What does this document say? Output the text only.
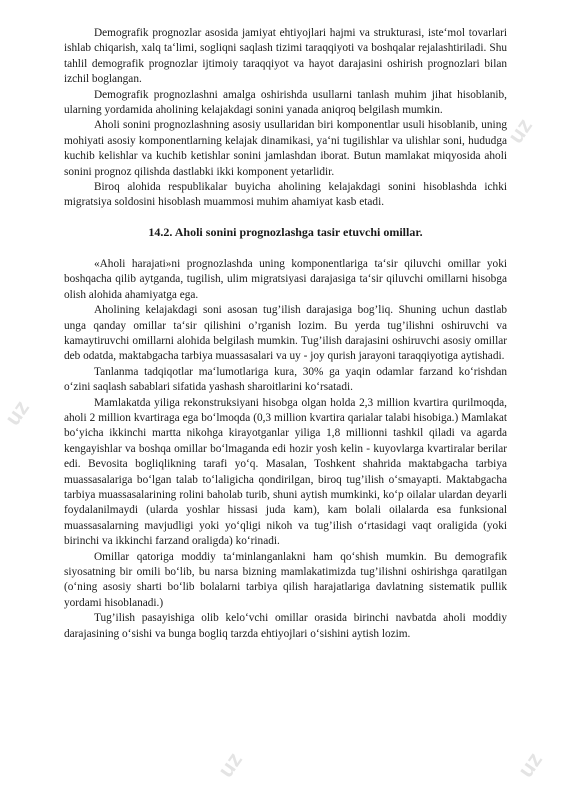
uz
uz
uz	uz

Demografik prognozlar asosida jamiyat ehtiyojlari hajmi va strukturasi, iste‘mol tovarlari ishlab chiqarish, xalq ta‘limi, sogliqni saqlash tizimi taraqqiyoti va boshqalar rejalashtiriladi. Shu tahlil demografik prognozlar ijtimoiy taraqqiyot va hayot darajasini oshirish prognozlari bilan izchil boglangan.

Demografik prognozlashni amalga oshirishda usullarni tanlash muhim jihat hisoblanib, ularning yordamida aholining kelajakdagi sonini yanada aniqroq belgilash mumkin.

Aholi sonini prognozlashning asosiy usullaridan biri komponentlar usuli hisoblanib, uning mohiyati asosiy komponentlarning kelajak dinamikasi, ya‘ni tugilishlar va ulishlar soni, hududga kuchib kelishlar va kuchib ketishlar sonini jamlashdan iborat. Butun mamlakat miqyosida aholi sonini prognoz qilishda dastlabki ikki komponent yetarlidir.

Biroq alohida respublikalar buyicha aholining kelajakdagi sonini hisoblashda ichki migratsiya soldosini hisoblash muammosi muhim ahamiyat kasb etadi.

14.2. Aholi sonini prognozlashga tasir etuvchi omillar.

«Aholi harajati»ni prognozlashda uning komponentlariga ta‘sir qiluvchi omillar yoki boshqacha qilib aytganda, tugilish, ulim migratsiyasi darajasiga ta‘sir qiluvchi omillarni hisobga olish alohida ahamiyatga ega.

Aholining kelajakdagi soni asosan tug’ilish darajasiga bog’liq. Shuning uchun dastlab unga qanday omillar ta‘sir qilishini o’rganish lozim. Bu yerda tug’ilishni oshiruvchi va kamaytiruvchi omillarni alohida belgilash mumkin. Tug’ilish darajasini oshiruvchi asosiy omillar deb odatda, maktabgacha tarbiya muassasalari va uy - joy qurish jarayoni taraqqiyotiga aytishadi.

Tanlanma tadqiqotlar ma‘lumotlariga kura, 30% ga yaqin odamlar farzand ko‘rishdan o‘zini saqlash sabablari sifatida yashash sharoitlarini ko‘rsatadi.

Mamlakatda yiliga rekonstruksiyani hisobga olgan holda 2,3 million kvartira qurilmoqda, aholi 2 million kvartiraga ega bo‘lmoqda (0,3 million kvartira qarialar talabi hisobiga.) Mamlakat bo‘yicha ikkinchi martta nikohga kirayotganlar yiliga 1,8 millionni tashkil qiladi va agarda kengayishlar va boshqa omillar bo‘lmaganda edi hozir yosh kelin - kuyovlarga kvartiralar berilar edi. Bevosita bogliqlikning tarafi yo‘q. Masalan, Toshkent shahrida maktabgacha tarbiya muassasalariga bo‘lgan talab to‘laligicha qondirilgan, biroq tug’ilish o‘smayapti. Maktabgacha tarbiya muassasalarining rolini baholab turib, shuni aytish mumkinki, ko‘p oilalar ulardan deyarli foydalanilmaydi (ularda yoshlar hissasi juda kam), kam bolali oilalarda esa funksional muassasalarning mavjudligi yoki yo‘qligi nikoh va tug’ilish o‘rtasidagi vaqt oraligida (yoki birinchi va ikkinchi farzand oraligda) ko‘rinadi.

Omillar qatoriga moddiy ta‘minlanganlakni ham qo‘shish mumkin. Bu demografik siyosatning bir omili bo‘lib, bu narsa bizning mamlakatimizda tug’ilishni oshirishga qaratilgan (o‘ning asosiy sharti bo‘lib bolalarni tarbiya qilish harajatlariga davlatning sistematik pullik yordami hisoblanadi.)

Tug’ilish pasayishiga olib kelo‘vchi omillar orasida birinchi navbatda aholi moddiy darajasining o‘sishi va bunga bogliq tarzda ehtiyojlari o‘sishini aytish lozim.
